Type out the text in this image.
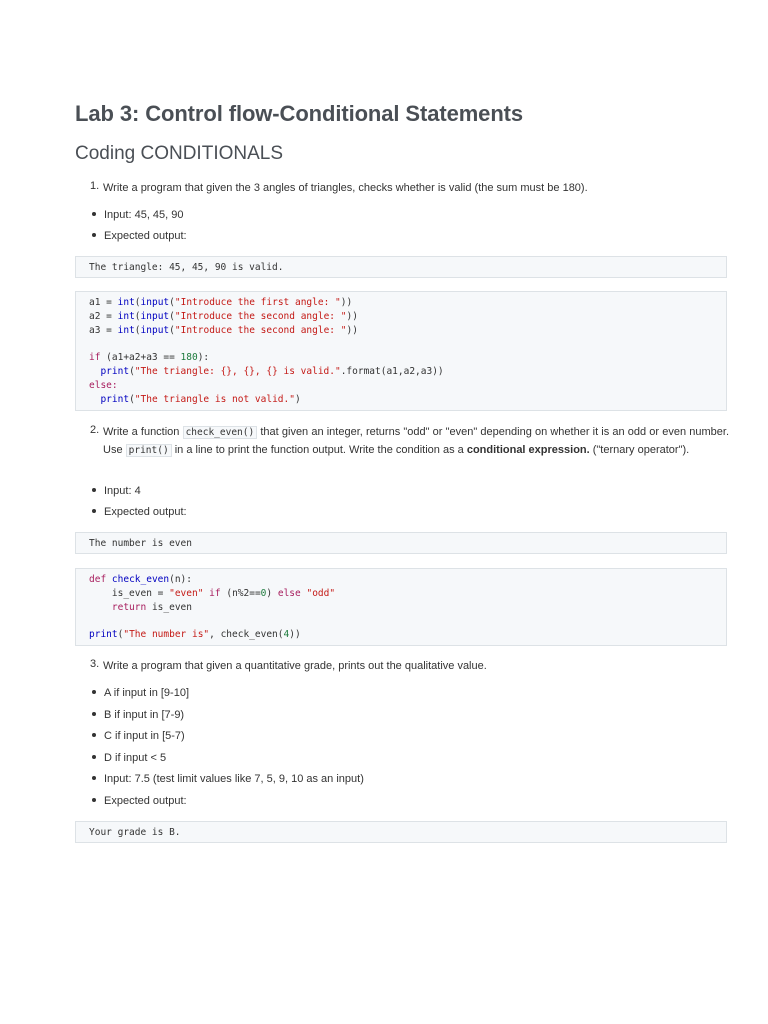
Lab 3: Control flow-Conditional Statements
Coding CONDITIONALS
1. Write a program that given the 3 angles of triangles, checks whether is valid (the sum must be 180).
Input: 45, 45, 90
Expected output:
The triangle: 45, 45, 90 is valid.
a1 = int(input("Introduce the first angle: "))
a2 = int(input("Introduce the second angle: "))
a3 = int(input("Introduce the second angle: "))

if (a1+a2+a3 == 180):
print("The triangle: {}, {}, {} is valid.".format(a1,a2,a3))
else:
print("The triangle is not valid.")
2. Write a function check_even() that given an integer, returns "odd" or "even" depending on whether it is an odd or even number. Use print() in a line to print the function output. Write the condition as a conditional expression. ("ternary operator").
Input: 4
Expected output:
The number is even
def check_even(n):
is_even = "even" if (n%2==0) else "odd"
return is_even

print("The number is", check_even(4))
3. Write a program that given a quantitative grade, prints out the qualitative value.
A if input in [9-10]
B if input in [7-9)
C if input in [5-7)
D if input < 5
Input: 7.5 (test limit values like 7, 5, 9, 10 as an input)
Expected output:
Your grade is B.
